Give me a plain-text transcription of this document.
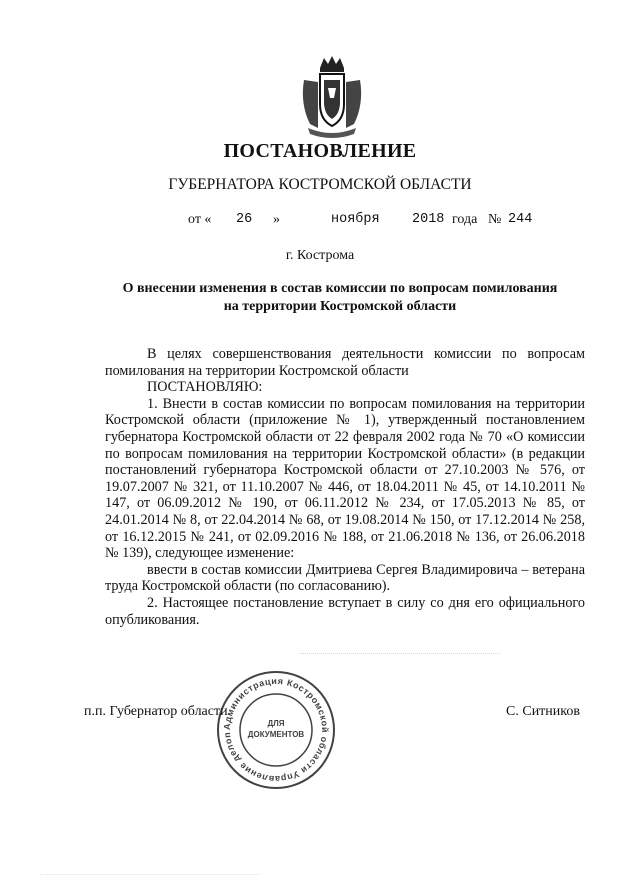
ПОСТАНОВЛЕНИЕ
ГУБЕРНАТОРА КОСТРОМСКОЙ ОБЛАСТИ
от « 26 »	ноября 2018 года № 244
г. Кострома
О внесении изменения в состав комиссии по вопросам помилования
на территории Костромской области

В целях совершенствования деятельности комиссии по вопросам помилования на территории Костромской области

ПОСТАНОВЛЯЮ:

1. Внести в состав комиссии по вопросам помилования на территории Костромской области (приложение № 1), утвержденный постановлением губернатора Костромской области от 22 февраля 2002 года № 70 «О комиссии по вопросам помилования на территории Костромской области» (в редакции постановлений губернатора Костромской области от 27.10.2003 № 576, от 19.07.2007 № 321, от 11.10.2007 № 446, от 18.04.2011 № 45, от 14.10.2011 № 147, от 06.09.2012 № 190, от 06.11.2012 № 234, от 17.05.2013 № 85, от 24.01.2014 № 8, от 22.04.2014 № 68, от 19.08.2014 № 150, от 17.12.2014 № 258, от 16.12.2015 № 241, от 02.09.2016 № 188, от 21.06.2018 № 136, от 26.06.2018 № 139), следующее изменение:

ввести в состав комиссии Дмитриева Сергея Владимировича – ветерана труда Костромской области (по согласованию).

2. Настоящее постановление вступает в силу со дня его официального опубликования.

п.п. Губернатор области	С. Ситников
Администрация Костромской области Управление делоп
ДЛЯ
ДОКУМЕНТОВ
